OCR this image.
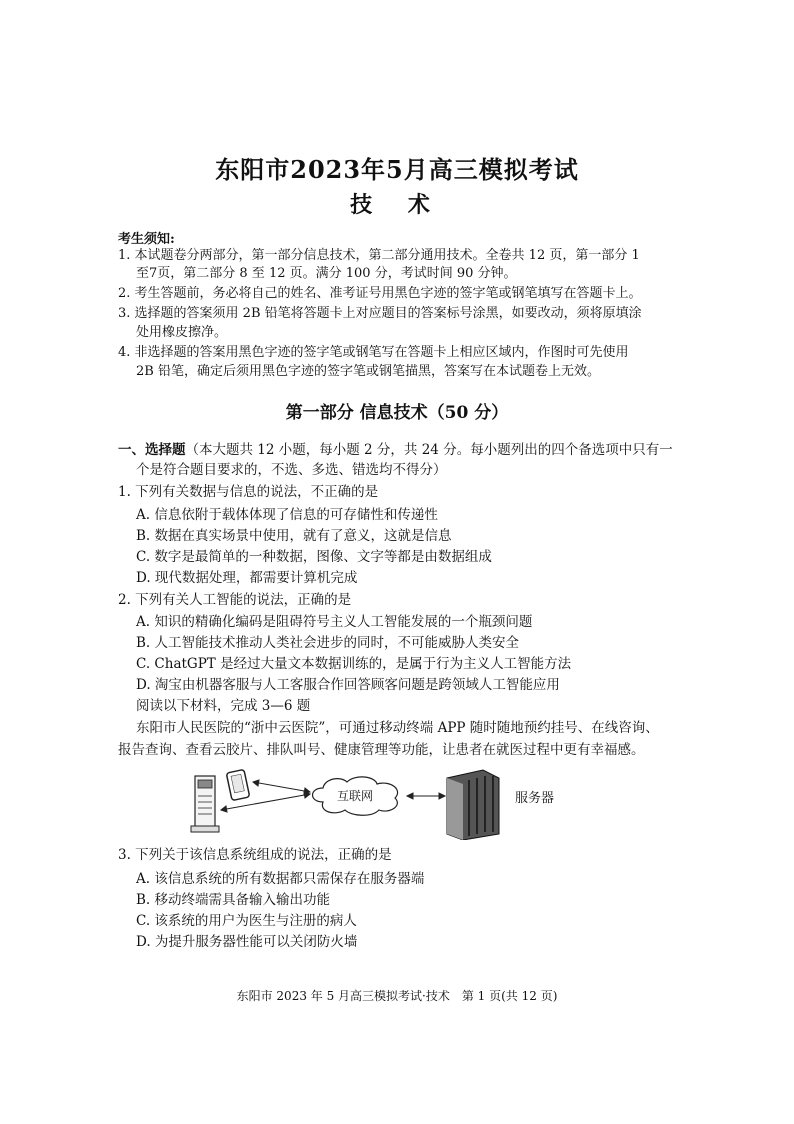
东阳市2023年5月高三模拟考试
技 术
考生须知:
1. 本试题卷分两部分，第一部分信息技术，第二部分通用技术。全卷共 12 页，第一部分 1
至7页，第二部分 8 至 12 页。满分 100 分，考试时间 90 分钟。
2. 考生答题前，务必将自己的姓名、准考证号用黑色字迹的签字笔或钢笔填写在答题卡上。
3. 选择题的答案须用 2B 铅笔将答题卡上对应题目的答案标号涂黑，如要改动，须将原填涂
处用橡皮擦净。
4. 非选择题的答案用黑色字迹的签字笔或钢笔写在答题卡上相应区域内，作图时可先使用
2B 铅笔，确定后须用黑色字迹的签字笔或钢笔描黑，答案写在本试题卷上无效。
第一部分 信息技术（50 分）
一、选择题（本大题共 12 小题，每小题 2 分，共 24 分。每小题列出的四个备选项中只有一
个是符合题目要求的，不选、多选、错选均不得分）
1. 下列有关数据与信息的说法，不正确的是
A. 信息依附于载体体现了信息的可存储性和传递性
B. 数据在真实场景中使用，就有了意义，这就是信息
C. 数字是最简单的一种数据，图像、文字等都是由数据组成
D. 现代数据处理，都需要计算机完成
2. 下列有关人工智能的说法，正确的是
A. 知识的精确化编码是阻碍符号主义人工智能发展的一个瓶颈问题
B. 人工智能技术推动人类社会进步的同时，不可能威胁人类安全
C. ChatGPT 是经过大量文本数据训练的，是属于行为主义人工智能方法
D. 淘宝由机器客服与人工客服合作回答顾客问题是跨领域人工智能应用
阅读以下材料，完成 3—6 题
东阳市人民医院的“浙中云医院”，可通过移动终端 APP 随时随地预约挂号、在线咨询、
报告查询、查看云胶片、排队叫号、健康管理等功能，让患者在就医过程中更有幸福感。
互联网	服务器
3. 下列关于该信息系统组成的说法，正确的是
A. 该信息系统的所有数据都只需保存在服务器端
B. 移动终端需具备输入输出功能
C. 该系统的用户为医生与注册的病人
D. 为提升服务器性能可以关闭防火墙
东阳市 2023 年 5 月高三模拟考试·技术　第 1 页(共 12 页)
